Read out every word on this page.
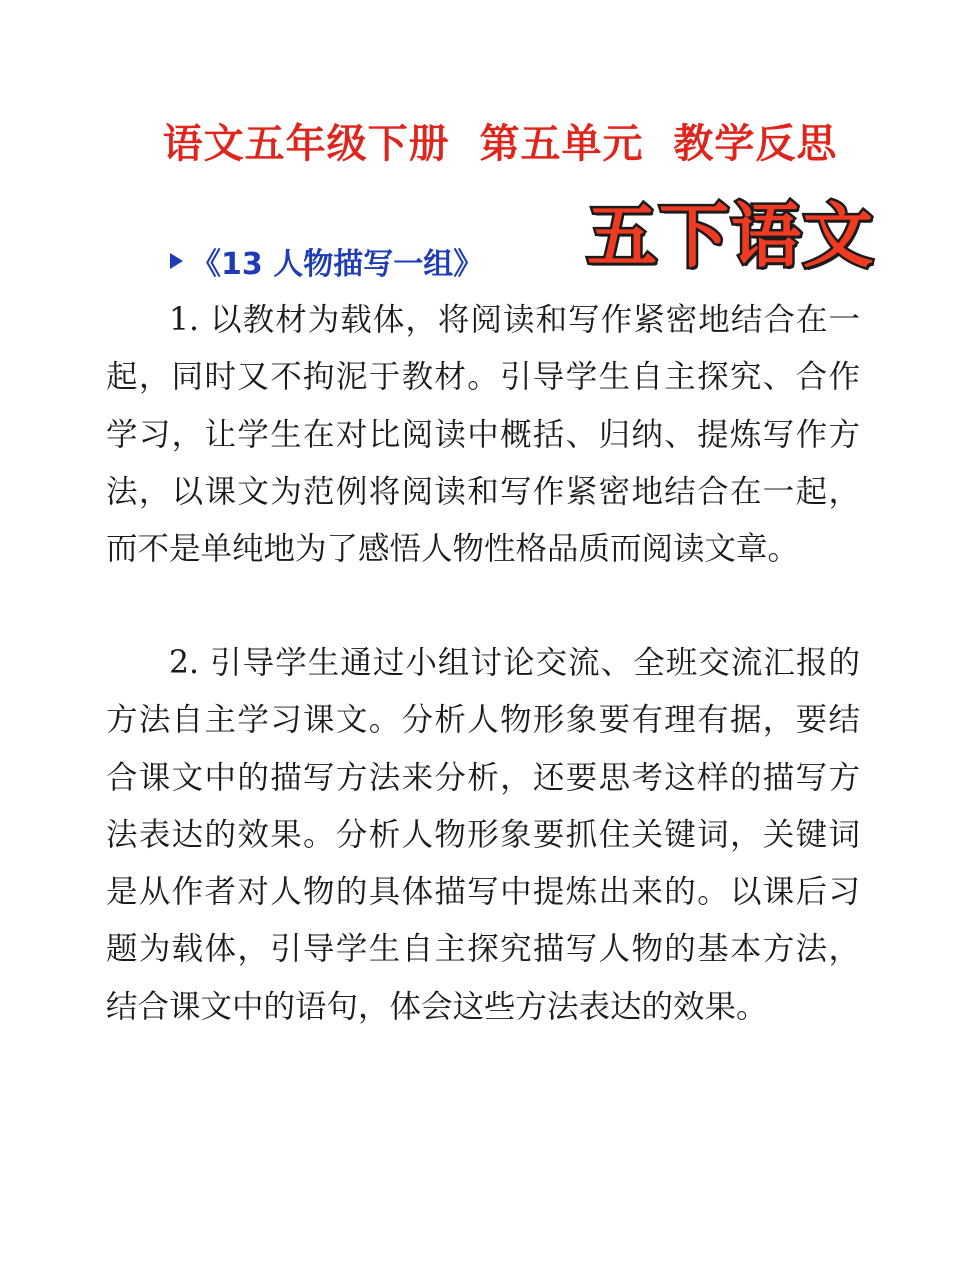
语文五年级下册  第五单元  教学反思
五下语文
《13 人物描写一组》

1. 以教材为载体，将阅读和写作紧密地结合在一起，同时又不拘泥于教材。引导学生自主探究、合作学习，让学生在对比阅读中概括、归纳、提炼写作方法，以课文为范例将阅读和写作紧密地结合在一起，而不是单纯地为了感悟人物性格品质而阅读文章。

2. 引导学生通过小组讨论交流、全班交流汇报的方法自主学习课文。分析人物形象要有理有据，要结合课文中的描写方法来分析，还要思考这样的描写方法表达的效果。分析人物形象要抓住关键词，关键词是从作者对人物的具体描写中提炼出来的。以课后习题为载体，引导学生自主探究描写人物的基本方法，结合课文中的语句，体会这些方法表达的效果。
